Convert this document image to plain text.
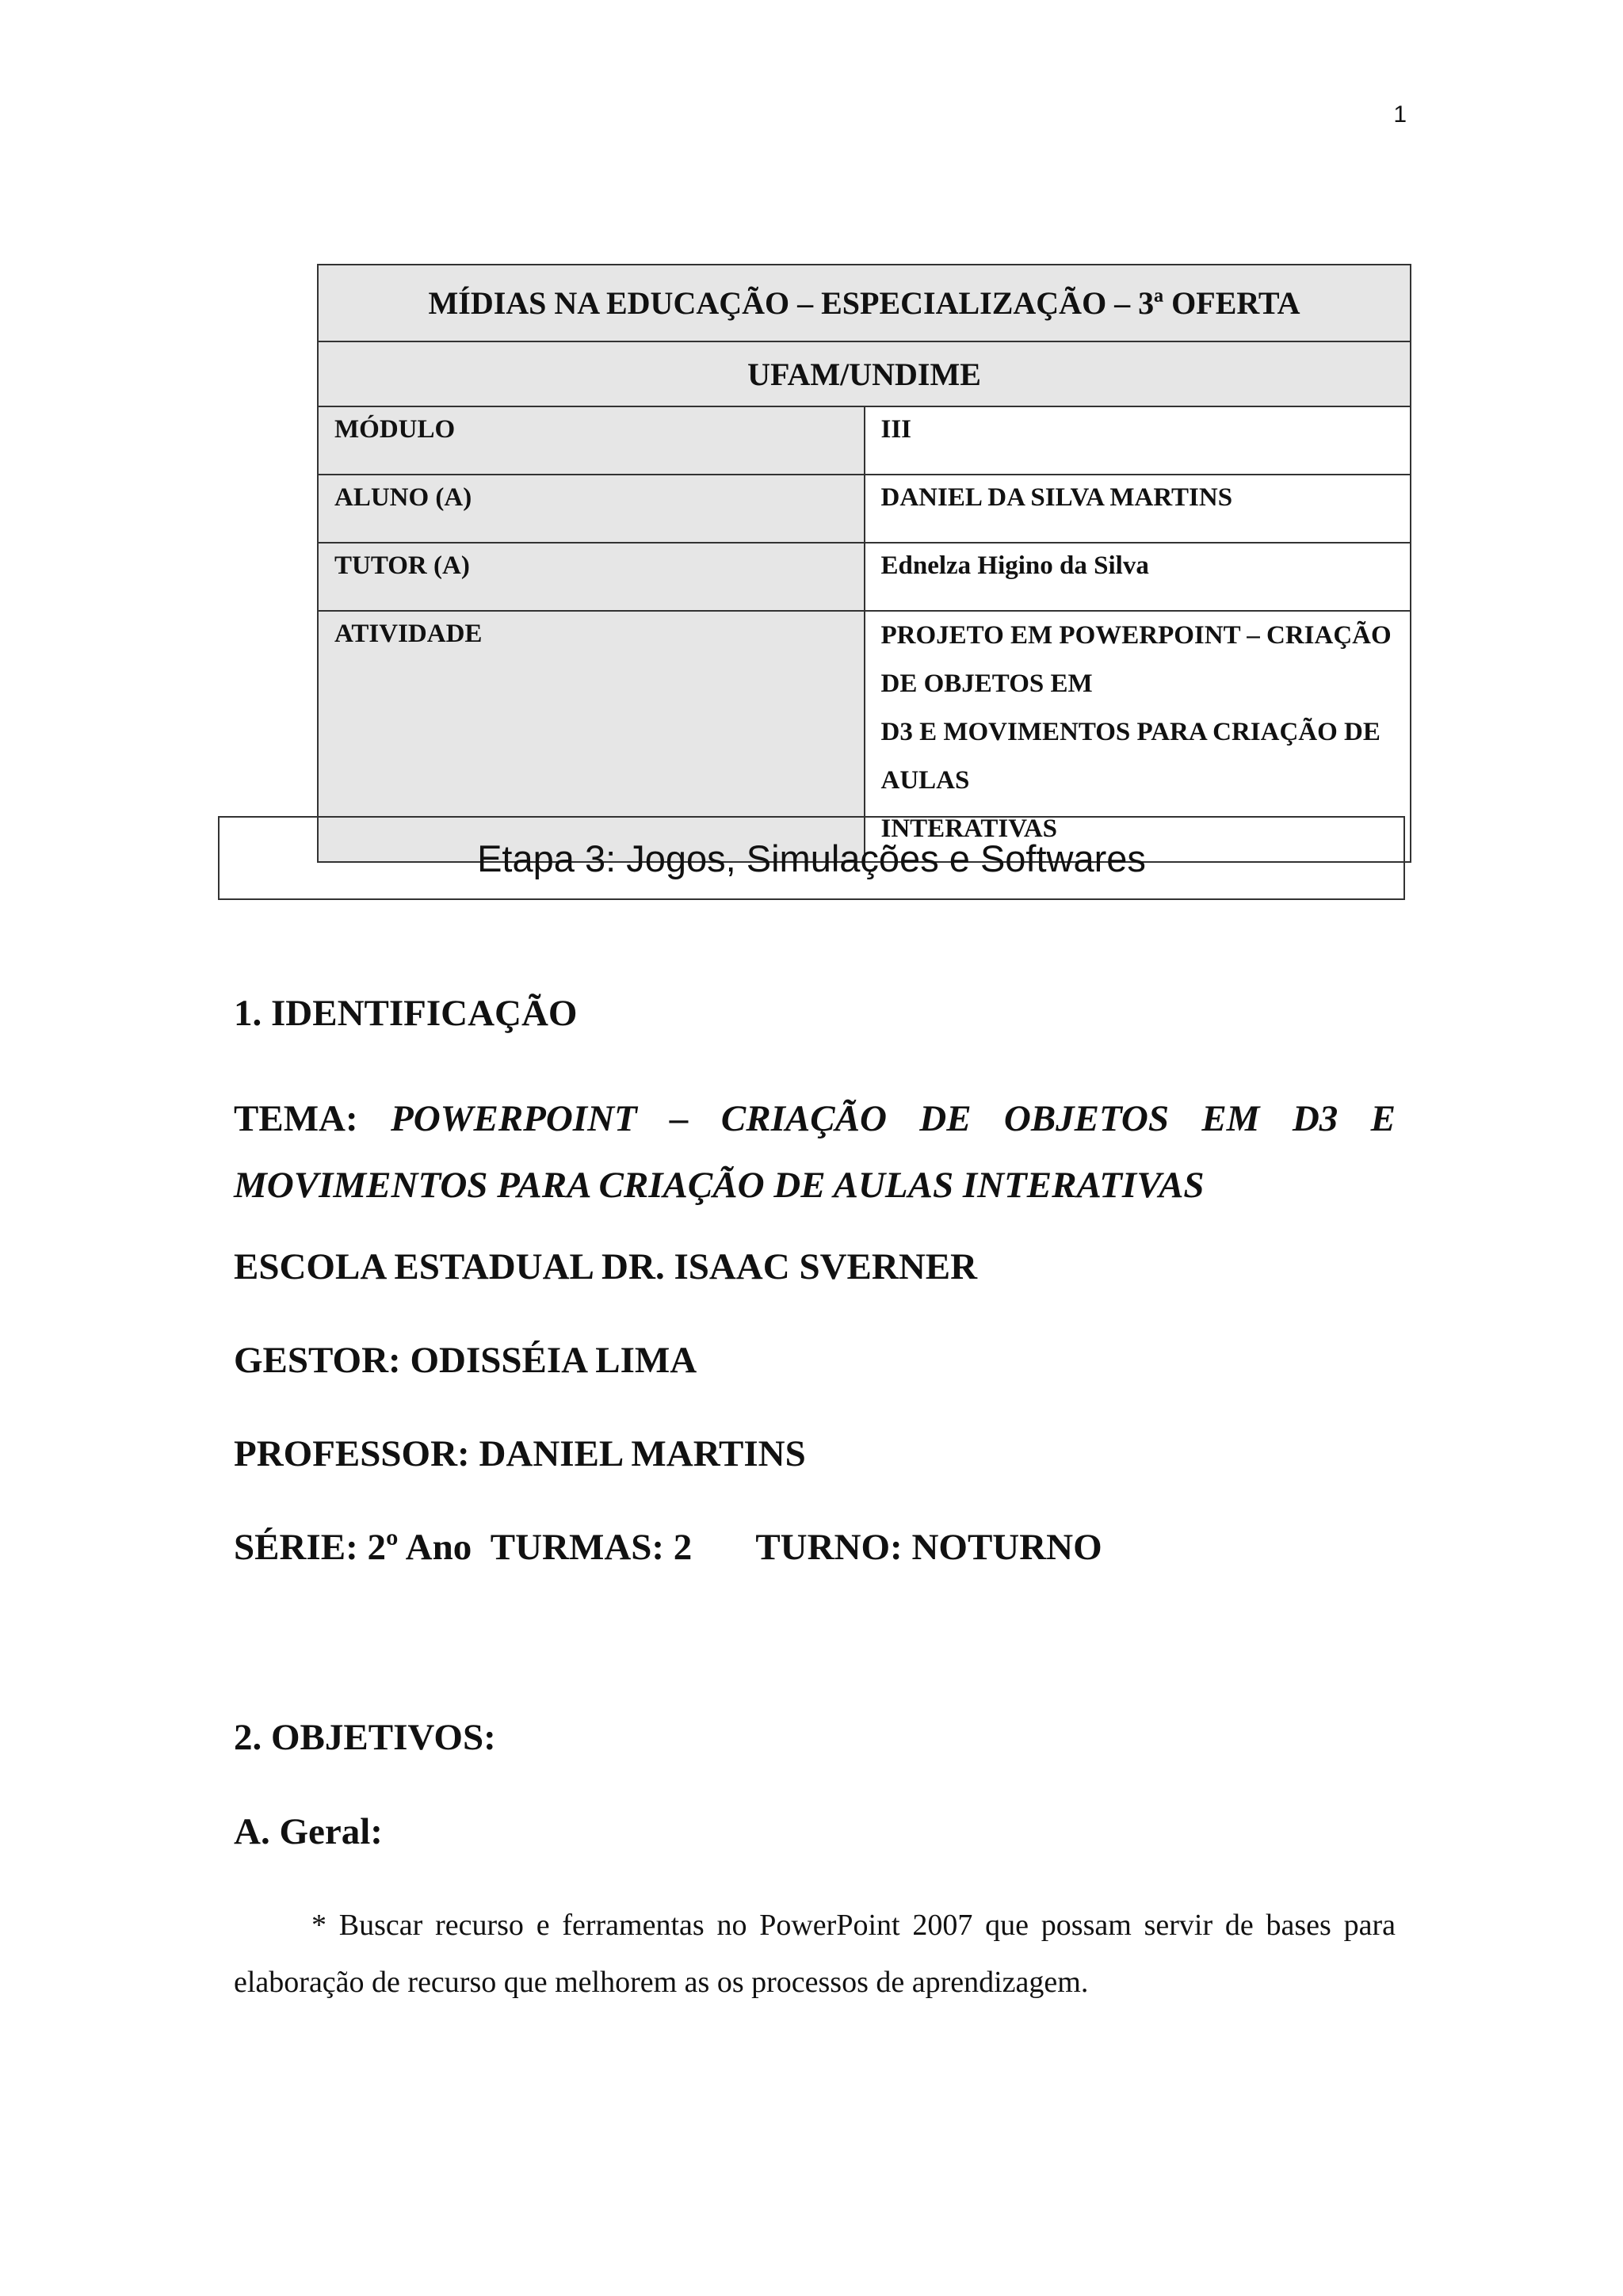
1
MÍDIAS NA EDUCAÇÃO – ESPECIALIZAÇÃO – 3ª OFERTA	
UFAM/UNDIME	
MÓDULO	III
ALUNO (A)	DANIEL DA SILVA MARTINS
TUTOR (A)	Ednelza Higino da Silva
ATIVIDADE	PROJETO EM POWERPOINT – CRIAÇÃO DE OBJETOS EM
D3 E MOVIMENTOS PARA CRIAÇÃO DE AULAS
INTERATIVAS
Etapa 3: Jogos, Simulações e Softwares
1. IDENTIFICAÇÃO
TEMA: POWERPOINT – CRIAÇÃO DE OBJETOS EM D3 E
MOVIMENTOS PARA CRIAÇÃO DE AULAS INTERATIVAS
ESCOLA ESTADUAL DR. ISAAC SVERNER
GESTOR: ODISSÉIA LIMA
PROFESSOR: DANIEL MARTINS
SÉRIE: 2º Ano TURMAS: 2 TURNO: NOTURNO
2. OBJETIVOS:
A. Geral:
* Buscar recurso e ferramentas no PowerPoint 2007 que possam servir de bases para elaboração de recurso que melhorem as os processos de aprendizagem.
